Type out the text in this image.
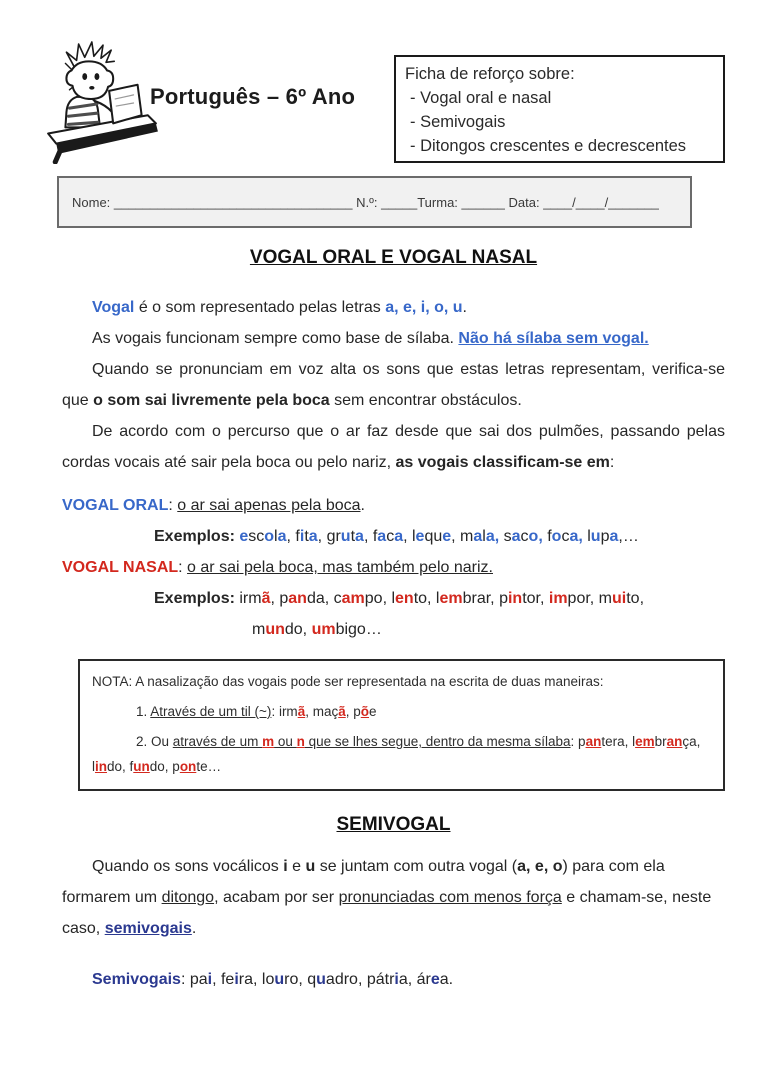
Português – 6º Ano
Ficha de reforço sobre:
- Vogal oral e nasal
- Semivogais
- Ditongos crescentes e decrescentes
Nome: _________________________________ N.º: _____Turma: ______ Data: ____/____/_______
VOGAL ORAL E VOGAL NASAL

Vogal é o som representado pelas letras a, e, i, o, u.

As vogais funcionam sempre como base de sílaba. Não há sílaba sem vogal.

Quando se pronunciam em voz alta os sons que estas letras representam, verifica-se que o som sai livremente pela boca sem encontrar obstáculos.

De acordo com o percurso que o ar faz desde que sai dos pulmões, passando pelas cordas vocais até sair pela boca ou pelo nariz, as vogais classificam-se em:

VOGAL ORAL: o ar sai apenas pela boca.

Exemplos: escola, fita, gruta, faca, leque, mala, saco, foca, lupa,…

VOGAL NASAL: o ar sai pela boca, mas também pelo nariz.

Exemplos: irmã, panda, campo, lento, lembrar, pintor, impor, muito,

mundo, umbigo…

NOTA: A nasalização das vogais pode ser representada na escrita de duas maneiras:

1. Através de um til (~): irmã, maçã, põe

2. Ou através de um m ou n que se lhes segue, dentro da mesma sílaba: pantera, lembrança, lindo, fundo, ponte…

SEMIVOGAL

Quando os sons vocálicos i e u se juntam com outra vogal (a, e, o) para com ela formarem um ditongo, acabam por ser pronunciadas com menos força e chamam-se, neste caso, semivogais.

Semivogais: pai, feira, louro, quadro, pátria, área.
